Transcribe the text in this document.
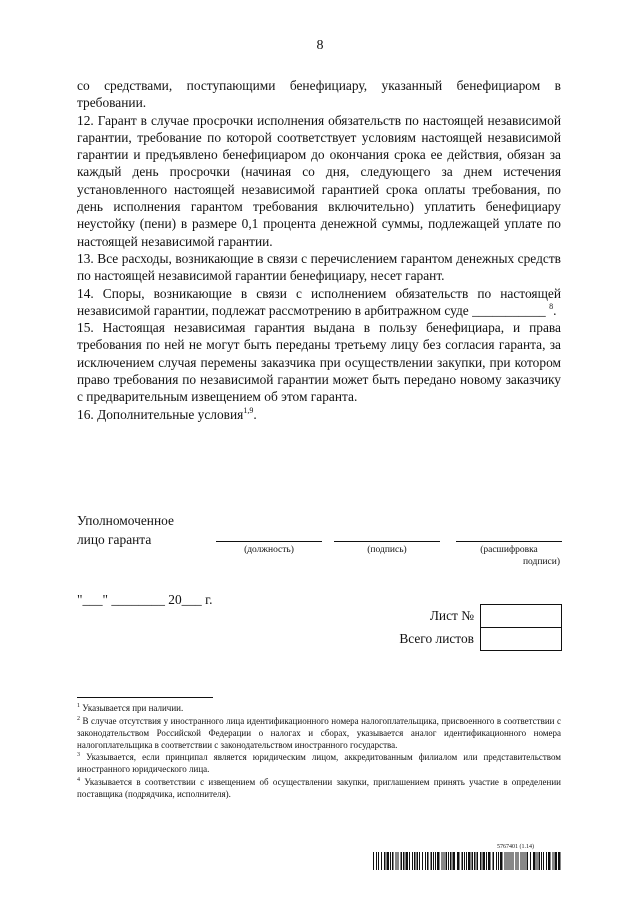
8

со средствами, поступающими бенефициару, указанный бенефициаром в требовании.

12. Гарант в случае просрочки исполнения обязательств по настоящей независимой гарантии, требование по которой соответствует условиям настоящей независимой гарантии и предъявлено бенефициаром до окончания срока ее действия, обязан за каждый день просрочки (начиная со дня, следующего за днем истечения установленного настоящей независимой гарантией срока оплаты требования, по день исполнения гарантом требования включительно) уплатить бенефициару неустойку (пени) в размере 0,1 процента денежной суммы, подлежащей уплате по настоящей независимой гарантии.

13. Все расходы, возникающие в связи с перечислением гарантом денежных средств по настоящей независимой гарантии бенефициару, несет гарант.

14. Споры, возникающие в связи с исполнением обязательств по настоящей независимой гарантии, подлежат рассмотрению в арбитражном суде ___________ $^8$.

15. Настоящая независимая гарантия выдана в пользу бенефициара, и права требования по ней не могут быть переданы третьему лицу без согласия гаранта, за исключением случая перемены заказчика при осуществлении закупки, при котором право требования по независимой гарантии может быть передано новому заказчику с предварительным извещением об этом гаранта.

16. Дополнительные условия$^{1,9}$.

Уполномоченное
лицо гаранта
(должность)	(подпись)	(расшифровка
подписи)
"___" ________ 20___ г.
Лист №	
Всего листов	

$^1$ Указывается при наличии.

$^2$ В случае отсутствия у иностранного лица идентификационного номера налогоплательщика, присвоенного в соответствии с законодательством Российской Федерации о налогах и сборах, указывается аналог идентификационного номера налогоплательщика в соответствии с законодательством иностранного государства.

$^3$ Указывается, если принципал является юридическим лицом, аккредитованным филиалом или представительством иностранного юридического лица.

$^4$ Указывается в соответствии с извещением об осуществлении закупки, приглашением принять участие в определении поставщика (подрядчика, исполнителя).

5767401 (1.14)
